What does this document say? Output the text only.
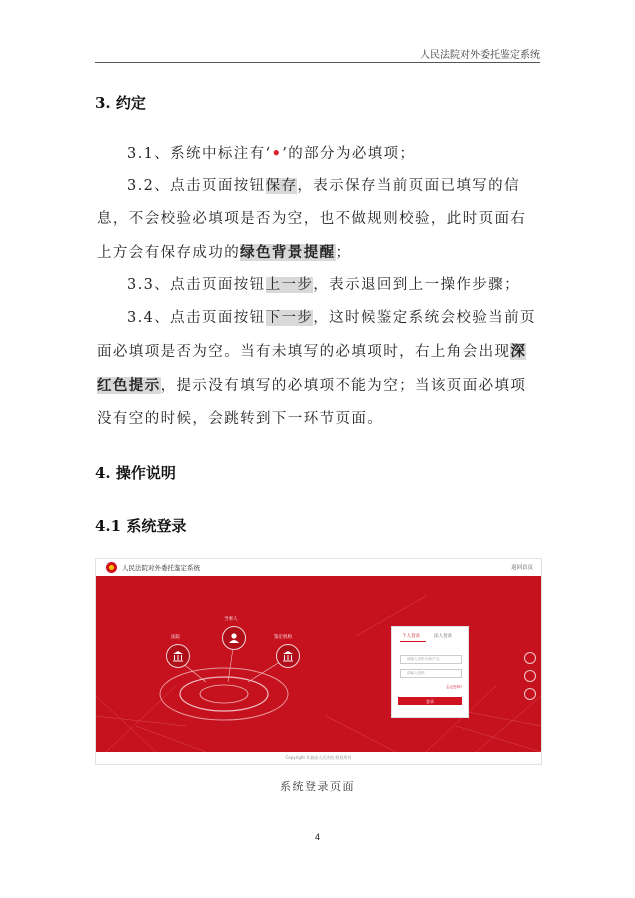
人民法院对外委托鉴定系统
3. 约定
3.1、系统中标注有‘•’的部分为必填项；
3.2、点击页面按钮保存，表示保存当前页面已填写的信息，不会校验必填项是否为空，也不做规则校验，此时页面右上方会有保存成功的绿色背景提醒；
3.3、点击页面按钮上一步，表示退回到上一操作步骤；
3.4、点击页面按钮下一步，这时候鉴定系统会校验当前页面必填项是否为空。当有未填写的必填项时，右上角会出现深红色提示，提示没有填写的必填项不能为空；当该页面必填项没有空的时候，会跳转到下一环节页面。
4. 操作说明
4.1 系统登录
人民法院对外委托鉴定系统	返回首页
法院
当事人
鉴定机构	个人登录	法人登录
请输入手机号/用户名
请输入密码
忘记密码?
登录
Copyright ©最高人民法院 版权所有
系统登录页面
4
